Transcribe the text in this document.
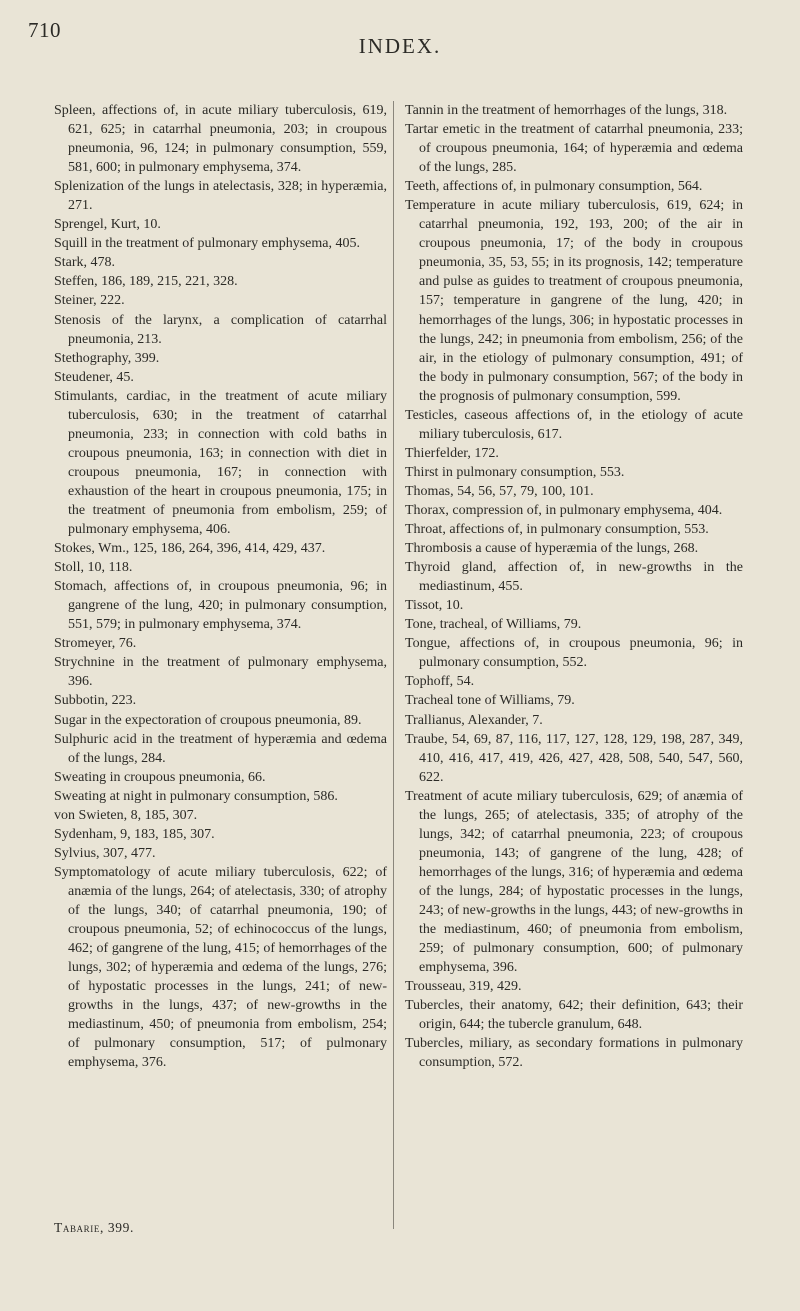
710
INDEX.

Spleen, affections of, in acute miliary tuberculosis, 619, 621, 625; in catarrhal pneumonia, 203; in croupous pneumonia, 96, 124; in pulmonary consumption, 559, 581, 600; in pulmonary emphysema, 374.

Splenization of the lungs in atelectasis, 328; in hyperæmia, 271.

Sprengel, Kurt, 10.

Squill in the treatment of pulmonary emphysema, 405.

Stark, 478.

Steffen, 186, 189, 215, 221, 328.

Steiner, 222.

Stenosis of the larynx, a complication of catarrhal pneumonia, 213.

Stethography, 399.

Steudener, 45.

Stimulants, cardiac, in the treatment of acute miliary tuberculosis, 630; in the treatment of catarrhal pneumonia, 233; in connection with cold baths in croupous pneumonia, 163; in connection with diet in croupous pneumonia, 167; in connection with exhaustion of the heart in croupous pneumonia, 175; in the treatment of pneumonia from embolism, 259; of pulmonary emphysema, 406.

Stokes, Wm., 125, 186, 264, 396, 414, 429, 437.

Stoll, 10, 118.

Stomach, affections of, in croupous pneumonia, 96; in gangrene of the lung, 420; in pulmonary consumption, 551, 579; in pulmonary emphysema, 374.

Stromeyer, 76.

Strychnine in the treatment of pulmonary emphysema, 396.

Subbotin, 223.

Sugar in the expectoration of croupous pneumonia, 89.

Sulphuric acid in the treatment of hyperæmia and œdema of the lungs, 284.

Sweating in croupous pneumonia, 66.

Sweating at night in pulmonary consumption, 586.

von Swieten, 8, 185, 307.

Sydenham, 9, 183, 185, 307.

Sylvius, 307, 477.

Symptomatology of acute miliary tuberculosis, 622; of anæmia of the lungs, 264; of atelectasis, 330; of atrophy of the lungs, 340; of catarrhal pneumonia, 190; of croupous pneumonia, 52; of echinococcus of the lungs, 462; of gangrene of the lung, 415; of hemorrhages of the lungs, 302; of hyperæmia and œdema of the lungs, 276; of hypostatic processes in the lungs, 241; of new-growths in the lungs, 437; of new-growths in the mediastinum, 450; of pneumonia from embolism, 254; of pulmonary consumption, 517; of pulmonary emphysema, 376.

Tannin in the treatment of hemorrhages of the lungs, 318.

Tartar emetic in the treatment of catarrhal pneumonia, 233; of croupous pneumonia, 164; of hyperæmia and œdema of the lungs, 285.

Teeth, affections of, in pulmonary consumption, 564.

Temperature in acute miliary tuberculosis, 619, 624; in catarrhal pneumonia, 192, 193, 200; of the air in croupous pneumonia, 17; of the body in croupous pneumonia, 35, 53, 55; in its prognosis, 142; temperature and pulse as guides to treatment of croupous pneumonia, 157; temperature in gangrene of the lung, 420; in hemorrhages of the lungs, 306; in hypostatic processes in the lungs, 242; in pneumonia from embolism, 256; of the air, in the etiology of pulmonary consumption, 491; of the body in pulmonary consumption, 567; of the body in the prognosis of pulmonary consumption, 599.

Testicles, caseous affections of, in the etiology of acute miliary tuberculosis, 617.

Thierfelder, 172.

Thirst in pulmonary consumption, 553.

Thomas, 54, 56, 57, 79, 100, 101.

Thorax, compression of, in pulmonary emphysema, 404.

Throat, affections of, in pulmonary consumption, 553.

Thrombosis a cause of hyperæmia of the lungs, 268.

Thyroid gland, affection of, in new-growths in the mediastinum, 455.

Tissot, 10.

Tone, tracheal, of Williams, 79.

Tongue, affections of, in croupous pneumonia, 96; in pulmonary consumption, 552.

Tophoff, 54.

Tracheal tone of Williams, 79.

Trallianus, Alexander, 7.

Traube, 54, 69, 87, 116, 117, 127, 128, 129, 198, 287, 349, 410, 416, 417, 419, 426, 427, 428, 508, 540, 547, 560, 622.

Treatment of acute miliary tuberculosis, 629; of anæmia of the lungs, 265; of atelectasis, 335; of atrophy of the lungs, 342; of catarrhal pneumonia, 223; of croupous pneumonia, 143; of gangrene of the lung, 428; of hemorrhages of the lungs, 316; of hyperæmia and œdema of the lungs, 284; of hypostatic processes in the lungs, 243; of new-growths in the lungs, 443; of new-growths in the mediastinum, 460; of pneumonia from embolism, 259; of pulmonary consumption, 600; of pulmonary emphysema, 396.

Trousseau, 319, 429.

Tubercles, their anatomy, 642; their definition, 643; their origin, 644; the tubercle granulum, 648.

Tubercles, miliary, as secondary formations in pulmonary consumption, 572.

Tabarie, 399.
